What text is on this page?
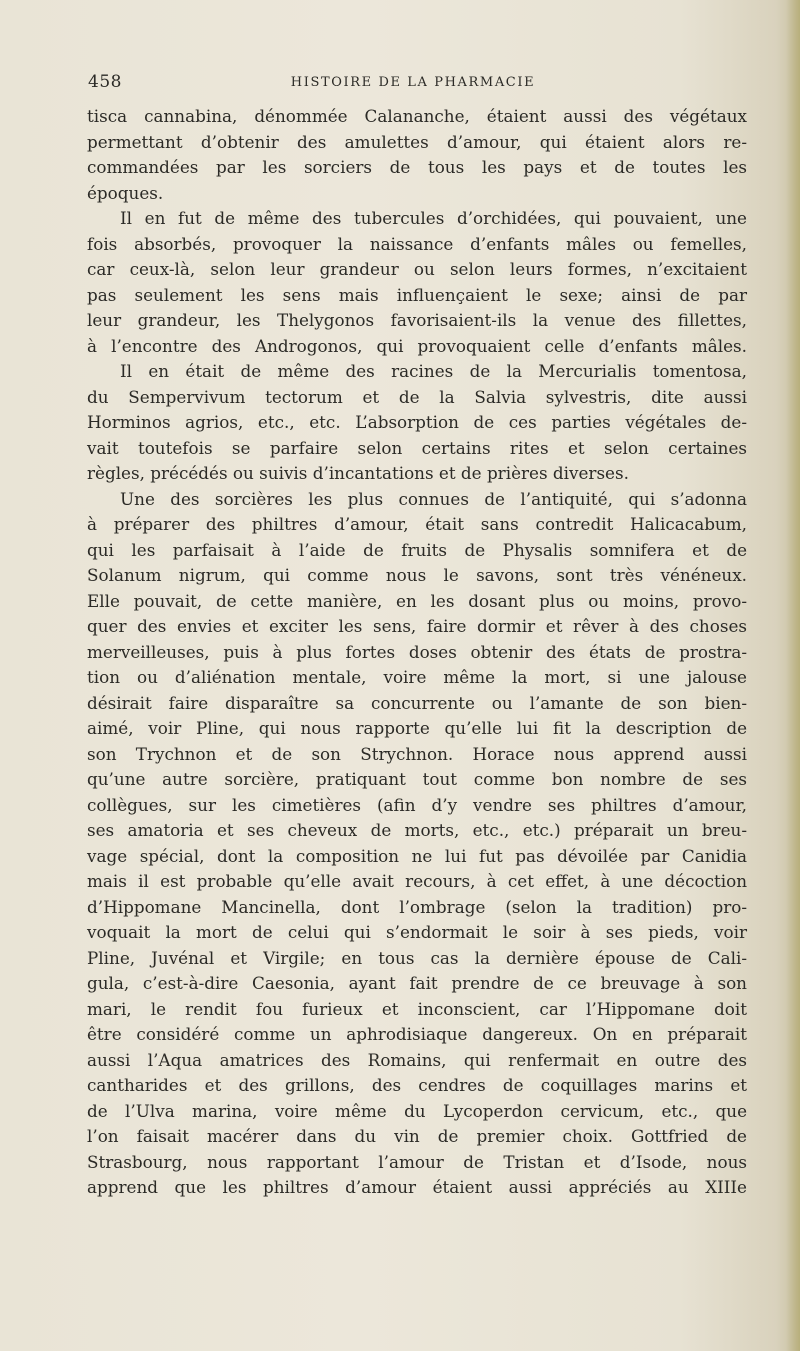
458	HISTOIRE DE LA PHARMACIE
tisca cannabina, dénommée Calananche, étaient aussi des végétaux
permettant d’obtenir des amulettes d’amour, qui étaient alors re-
commandées par les sorciers de tous les pays et de toutes les
époques.
Il en fut de même des tubercules d’orchidées, qui pouvaient, une
fois absorbés, provoquer la naissance d’enfants mâles ou femelles,
car ceux-là, selon leur grandeur ou selon leurs formes, n’excitaient
pas seulement les sens mais influençaient le sexe; ainsi de par
leur grandeur, les Thelygonos favorisaient-ils la venue des fillettes,
à l’encontre des Androgonos, qui provoquaient celle d’enfants mâles.
Il en était de même des racines de la Mercurialis tomentosa,
du Sempervivum tectorum et de la Salvia sylvestris, dite aussi
Horminos agrios, etc., etc. L’absorption de ces parties végétales de-
vait toutefois se parfaire selon certains rites et selon certaines
règles, précédés ou suivis d’incantations et de prières diverses.
Une des sorcières les plus connues de l’antiquité, qui s’adonna
à préparer des philtres d’amour, était sans contredit Halicacabum,
qui les parfaisait à l’aide de fruits de Physalis somnifera et de
Solanum nigrum, qui comme nous le savons, sont très vénéneux.
Elle pouvait, de cette manière, en les dosant plus ou moins, provo-
quer des envies et exciter les sens, faire dormir et rêver à des choses
merveilleuses, puis à plus fortes doses obtenir des états de prostra-
tion ou d’aliénation mentale, voire même la mort, si une jalouse
désirait faire disparaître sa concurrente ou l’amante de son bien-
aimé, voir Pline, qui nous rapporte qu’elle lui fit la description de
son Trychnon et de son Strychnon. Horace nous apprend aussi
qu’une autre sorcière, pratiquant tout comme bon nombre de ses
collègues, sur les cimetières (afin d’y vendre ses philtres d’amour,
ses amatoria et ses cheveux de morts, etc., etc.) préparait un breu-
vage spécial, dont la composition ne lui fut pas dévoilée par Canidia
mais il est probable qu’elle avait recours, à cet effet, à une décoction
d’Hippomane Mancinella, dont l’ombrage (selon la tradition) pro-
voquait la mort de celui qui s’endormait le soir à ses pieds, voir
Pline, Juvénal et Virgile; en tous cas la dernière épouse de Cali-
gula, c’est-à-dire Caesonia, ayant fait prendre de ce breuvage à son
mari, le rendit fou furieux et inconscient, car l’Hippomane doit
être considéré comme un aphrodisiaque dangereux. On en préparait
aussi l’Aqua amatrices des Romains, qui renfermait en outre des
cantharides et des grillons, des cendres de coquillages marins et
de l’Ulva marina, voire même du Lycoperdon cervicum, etc., que
l’on faisait macérer dans du vin de premier choix. Gottfried de
Strasbourg, nous rapportant l’amour de Tristan et d’Isode, nous
apprend que les philtres d’amour étaient aussi appréciés au XIIIe
